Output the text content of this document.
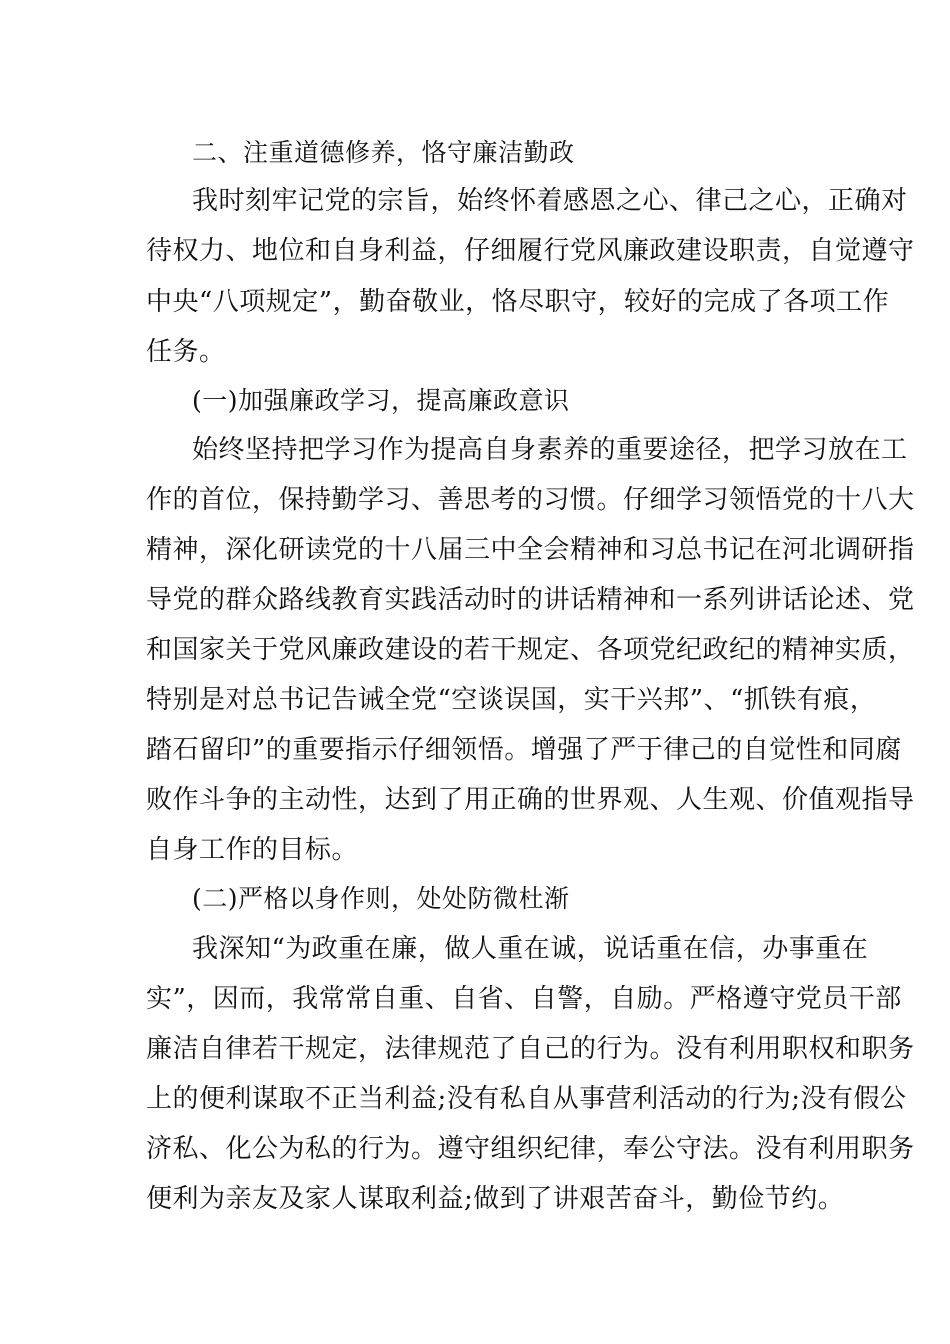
二、注重道德修养，恪守廉洁勤政
我时刻牢记党的宗旨，始终怀着感恩之心、律己之心，正确对
待权力、地位和自身利益，仔细履行党风廉政建设职责，自觉遵守
中央“八项规定”，勤奋敬业，恪尽职守，较好的完成了各项工作
任务。
(一)加强廉政学习，提高廉政意识
始终坚持把学习作为提高自身素养的重要途径，把学习放在工
作的首位，保持勤学习、善思考的习惯。仔细学习领悟党的十八大
精神，深化研读党的十八届三中全会精神和习总书记在河北调研指
导党的群众路线教育实践活动时的讲话精神和一系列讲话论述、党
和国家关于党风廉政建设的若干规定、各项党纪政纪的精神实质，
特别是对总书记告诫全党“空谈误国，实干兴邦”、“抓铁有痕，
踏石留印”的重要指示仔细领悟。增强了严于律己的自觉性和同腐
败作斗争的主动性，达到了用正确的世界观、人生观、价值观指导
自身工作的目标。
(二)严格以身作则，处处防微杜渐
我深知“为政重在廉，做人重在诚，说话重在信，办事重在
实”，因而，我常常自重、自省、自警，自励。严格遵守党员干部
廉洁自律若干规定，法律规范了自己的行为。没有利用职权和职务
上的便利谋取不正当利益;没有私自从事营利活动的行为;没有假公
济私、化公为私的行为。遵守组织纪律，奉公守法。没有利用职务
便利为亲友及家人谋取利益;做到了讲艰苦奋斗，勤俭节约。
